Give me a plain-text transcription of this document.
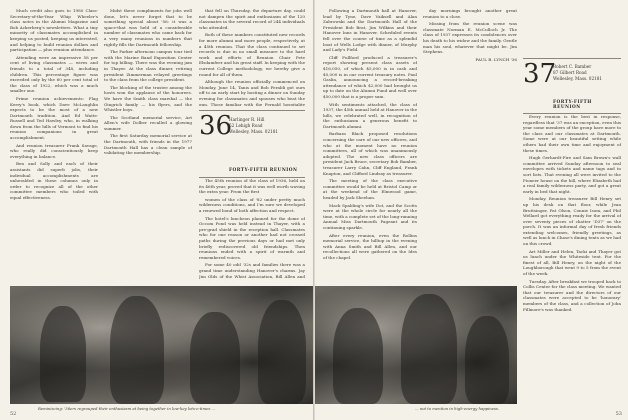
Much credit also goes to 1980 Class-Secretary-of-the-Year Whip Wheeler's class notes in the Alumni Magazine and Bob Ackerberg's newsletters. What a tiny minority of classmates accomplished in keeping us posted, keeping us interested, and helping to build reunion dollars and participation — plus reunion attendance.

Attending were an impressive 58 per cent of living classmates — wives and friends to a total of 348, including children. This percentage figure was exceeded only by the 60 per cent total of the class of 1922, which was a much smaller one.

Prime reunion achievements: Flag Kerry's book, which Dave McLaughlin expects to be the most of a new Dartmouth tradition. And Ed Watts-Russell and Ted Hawley, who, in walking down from the hills of Vermont to find his reunion companions in great accomplishment.

And reunion treasurer Frank Savage, who really did conscientiously keep everything in balance.

Ben and Solly and each of their assistants did superb jobs, their individual accomplishments are unheralded in these columns only in order to recognize all of the other committee members who toiled with equal effectiveness.

Midst these compliments for jobs well done, let's never forget that to be something special about '56: it was a space-that was held of a considerable number of classmates who came back for a very many reunions in numbers that rightly fills the Dartmouth fellowship.

The Parker afternoon campus tour tied with the Marine Band Exposition Center for top billing. There was the evening jam in Thayer. At the class dinner, retiring president Zimmerman relayed greetings to the class from the college president.

The blocking of the trustee among the hosts won the applause of the honorees. We have the Smith class marshal — the Gingrich family — his flyers, and the Whistler boys.

The Scotland memorial service, Art Allen's wife Dolber recalled a glowing summer.

The first Saturday memorial service at the Dartmouth, with friends in the 1977 Dartmouth Hall has a clean sample of validating the membership.

36
Harlinger R. Hill
52 Lehigh Road
Wellesley, Mass. 02181
FORTY-FIFTH REUNION

that fell on Thursday, the departure day, could not dampen the spirit and enthusiasm of the 120 classmates in the several record of 244 individuals who attended.

Both of these numbers constituted new records for more alumni and more people, respectively, at a 45th reunion. That the class continued to set records is due in no small measure to the hard work and efforts of Reunion Chair Pete Elsdamfeer and his great staff. In keeping with the current College methodology, we hereby give a round for all of them.

Although the reunion officially commenced on Monday, June 14, Tanis and Bob Feraldi got ours off to an early start by hosting a dinner on Sunday evening for classmates and spouses who beat the gun. Those familiar with the Fernald hospitality

The 45th reunion of the class of 1936, held on its 46th year, proved that it was well worth waving the extra year. From the first

women of the class of '82 under pretty much wilderness conditions, and I'm sure we developed a renewed bond of both affection and respect.

The hotel's luncheon planned for the dome of Occom Pond was held instead in Thayer, with a pre-grad shield in the reception hall. Classmates who for one reason or another had not crossed paths during the previous days or had met only briefly rediscovered old friendships. Then reunions ended with a spirit of warmth and remembered voices.

For some 40 odd '32s and families there was a grand time understanding Hanover's charms. Jay Jim Olds of the Whist Association, Bill Allen and

Reminiscing: '36ers regrouped their enthusiasm at being together in low-key lots-o-times ...
52

Following a Dartmouth ball at Hanover, lead by Tyne, Dave Vaiksell and Alan Zabrowski and the Dartmouth Hall of the President Bob Brat, Jim Wilkins and their Hanover Inns in Hanover. Scheduled events fell over the course of time as a splendid boat of Wells Lodge with dinner, of Murphy and Lady's Field.

Cliff Fullford produced a treasurer's report showing present class assets of $16,050, of which $5,000 is in cash and $5,000 is in our current treasury notes. Paul Gaslin, announcing a record-breaking attendance of which $2,000 had brought us up to date on the Alumni Fund and well over $50,000 that is a proper sum.

With sentiments attached, the class of 1937, the 45th annual held at Hanover in the hills, we celebrated well, in recognition of the enthusiasm a generous benefit to Dartmouth alumni.

Barbara Black proposed resolutions concerning the care of our new officers, and who at the moment have no reunion committees, all of which was unanimously adopted. The new class officers are president Jack Bruce, secretary Bob Bamber, treasurer Larry Cahn, Cliff England, Frank Knapton, and Clifford Lindsay as treasurer.

The meeting of the class executive committee would be held at Bristol Camp or at the weekend of the Elmwood game, headed by Jack Sheehan.

Mack Spalding's wife Dot, and the Scotts were at the whole circle for nearly all the time, with a complete set of the long-running Annual Miss Dartmouth Pageant and its continuing sparkle.

After every reunion, even the Rollins memorial service, the hilltop in the evening with Anna Smith and Bill Allen, and our recollections all were gathered on the Ides of the chapel.

day mornings brought another great reunion to a close.

Missing from the reunion scene was classmate Norman E. McCulloch Jr. The class of 1937 expresses its condolences over his death to his widow and the family. Gentle man his soul, whatever that might be. Jim Stephens.

PAUL B. LYNCH '36 37
Robert C. Bamber
87 Gilbert Road
Wellesley, Mass. 02181
FORTY-FIFTH REUNION

Every reunion is the best in response, regardless that '37 was an exception, even this year some members of the group have more to the class and our classmates at Dartmouth. Some were at our beautiful setting while others had their own time and enjoyment of these times.

Hugh Gerhardt-Fire and Sam Brown's wall committee arrived Sunday afternoon to seal envelopes with tickets and name tags and to sort lists. That evening all were invited to the Pioneer house on the hill, where Elizabeth had a real family wilderness party, and got a great early in bed that night.

Monday. Reunion treasurer Bill Henry set up his desk on that floor, while Jean Bruttsinger, Pat Olson, Connie Isom, and Phil Wellard got everything ready for the arrival of over seventy pieces of chatter 'D37' on the porch. It was an informal day of fresh friends extending welcomes, friendly greetings, as well as lunch in Chase's dining tents as we had on this crowd.

Art Miller and Helen, Tacki and Thayer got us lunch under the Whiteside tent. For the finest of all, Bill Henry, on the night of the Loughborough that went 9 to 5 from the event of the week.

Tuesday. After breakfast we trooped back to Collis Center for the class meeting. We wanted that our treasurer and the directors of our classmates were accepted to be 'honorary' members of the class, and a collection of John Fillmore's was thanked.

... not to mention in high-energy happiness.
53
